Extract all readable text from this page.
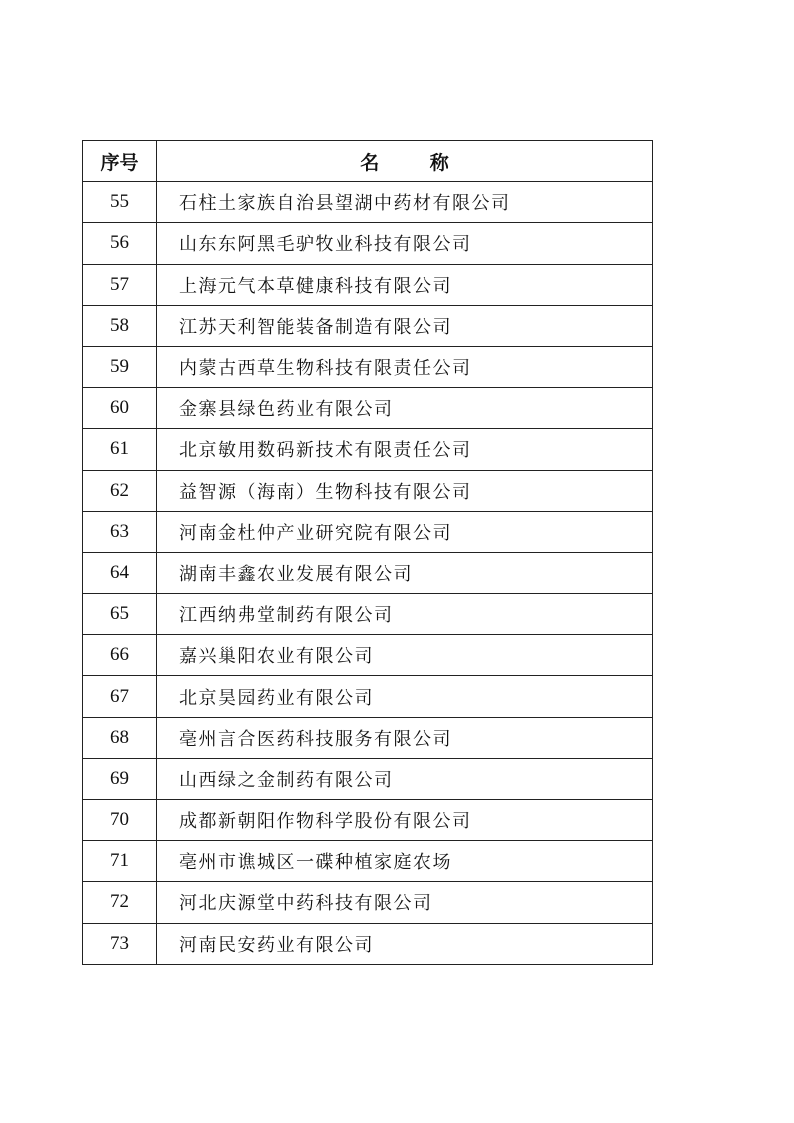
序号	名 称
55	石柱土家族自治县望湖中药材有限公司
56	山东东阿黑毛驴牧业科技有限公司
57	上海元气本草健康科技有限公司
58	江苏天利智能装备制造有限公司
59	内蒙古西草生物科技有限责任公司
60	金寨县绿色药业有限公司
61	北京敏用数码新技术有限责任公司
62	益智源（海南）生物科技有限公司
63	河南金杜仲产业研究院有限公司
64	湖南丰鑫农业发展有限公司
65	江西纳弗堂制药有限公司
66	嘉兴巢阳农业有限公司
67	北京昊园药业有限公司
68	亳州言合医药科技服务有限公司
69	山西绿之金制药有限公司
70	成都新朝阳作物科学股份有限公司
71	亳州市谯城区一碟种植家庭农场
72	河北庆源堂中药科技有限公司
73	河南民安药业有限公司
